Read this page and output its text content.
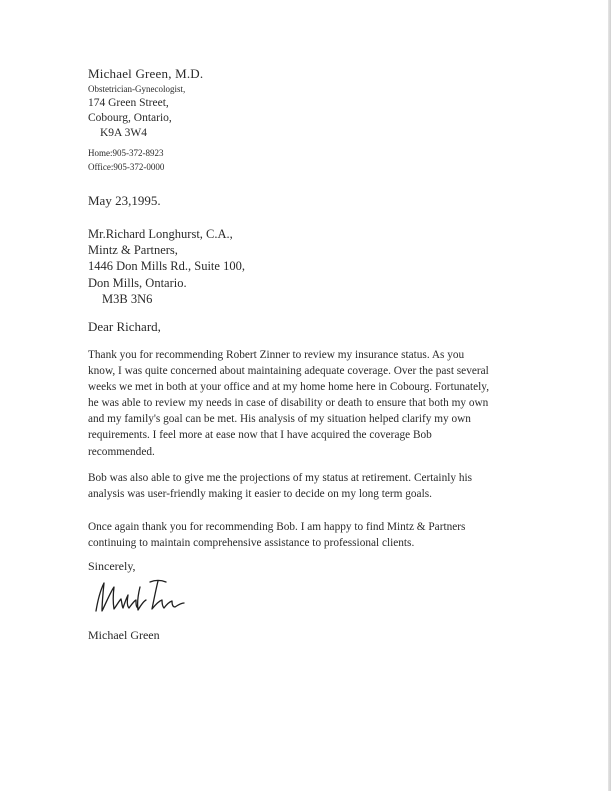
Michael Green, M.D.
Obstetrician-Gynecologist,
174 Green Street,
Cobourg, Ontario,
K9A 3W4
Home:905-372-8923
Office:905-372-0000
May 23,1995.
Mr.Richard Longhurst, C.A.,
Mintz & Partners,
1446 Don Mills Rd., Suite 100,
Don Mills, Ontario.
M3B 3N6
Dear Richard,
Thank you for recommending Robert Zinner to review my insurance status. As you
know, I was quite concerned about maintaining adequate coverage. Over the past several
weeks we met in both at your office and at my home home here in Cobourg. Fortunately,
he was able to review my needs in case of disability or death to ensure that both my own
and my family's goal can be met. His analysis of my situation helped clarify my own
requirements. I feel more at ease now that I have acquired the coverage Bob
recommended.
Bob was also able to give me the projections of my status at retirement. Certainly his
analysis was user-friendly making it easier to decide on my long term goals.
Once again thank you for recommending Bob. I am happy to find Mintz & Partners
continuing to maintain comprehensive assistance to professional clients.
Sincerely,
Michael Green
